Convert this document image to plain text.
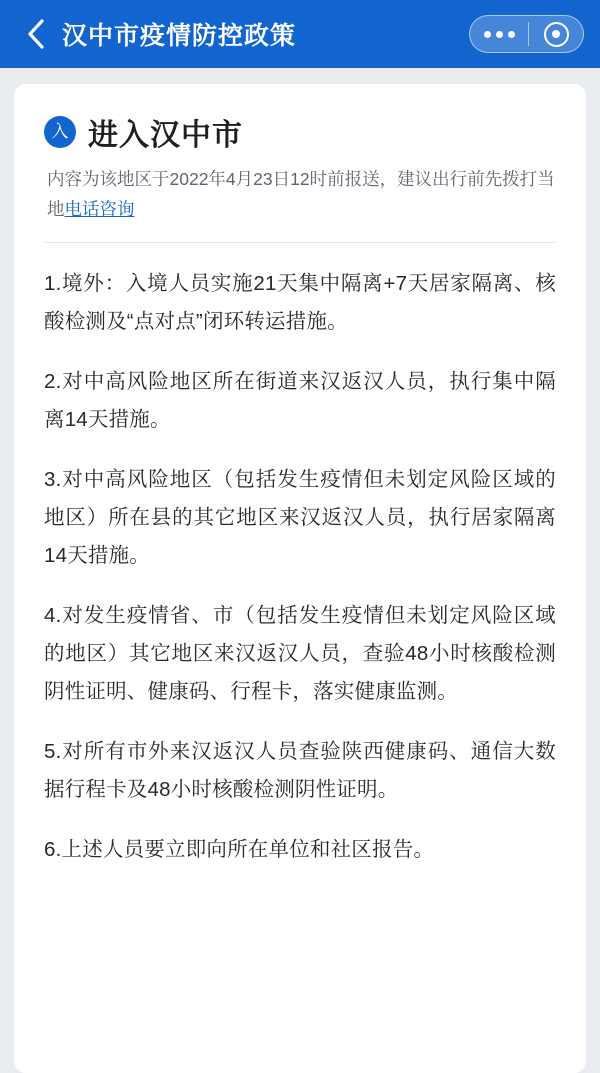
汉中市疫情防控政策
入 进入汉中市
内容为该地区于2022年4月23日12时前报送，建议出行前先拨打当地电话咨询
1.境外：入境人员实施21天集中隔离+7天居家隔离、核酸检测及“点对点”闭环转运措施。
2.对中高风险地区所在街道来汉返汉人员，执行集中隔离14天措施。
3.对中高风险地区（包括发生疫情但未划定风险区域的地区）所在县的其它地区来汉返汉人员，执行居家隔离14天措施。
4.对发生疫情省、市（包括发生疫情但未划定风险区域的地区）其它地区来汉返汉人员，查验48小时核酸检测阴性证明、健康码、行程卡，落实健康监测。
5.对所有市外来汉返汉人员查验陕西健康码、通信大数据行程卡及48小时核酸检测阴性证明。
6.上述人员要立即向所在单位和社区报告。
